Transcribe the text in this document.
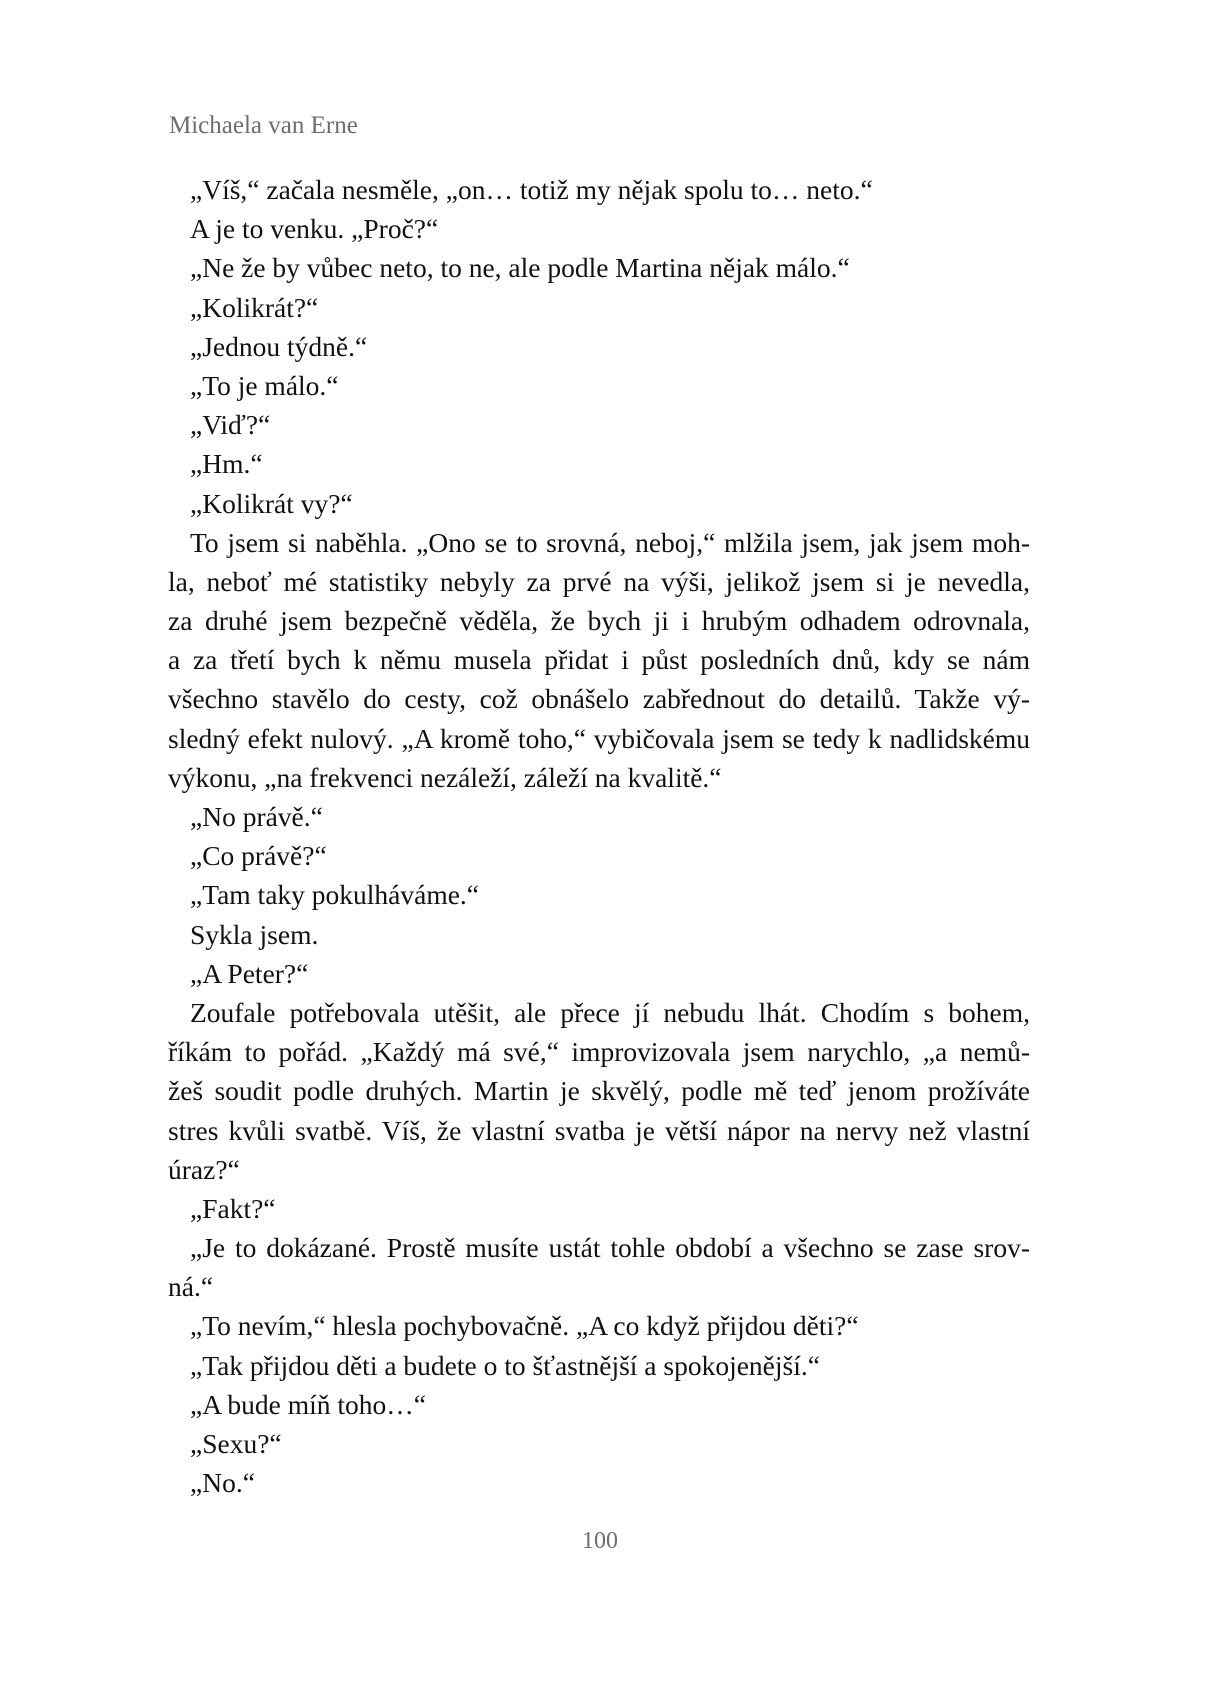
Michaela van Erne
„Víš,“ začala nesměle, „on… totiž my nějak spolu to… neto.“
A je to venku. „Proč?“
„Ne že by vůbec neto, to ne, ale podle Martina nějak málo.“
„Kolikrát?“
„Jednou týdně.“
„To je málo.“
„Viď?“
„Hm.“
„Kolikrát vy?“
To jsem si naběhla. „Ono se to srovná, neboj,“ mlžila jsem, jak jsem moh-
la, neboť mé statistiky nebyly za prvé na výši, jelikož jsem si je nevedla,
za druhé jsem bezpečně věděla, že bych ji i hrubým odhadem odrovnala,
a za třetí bych k němu musela přidat i půst posledních dnů, kdy se nám
všechno stavělo do cesty, což obnášelo zabřednout do detailů. Takže vý-
sledný efekt nulový. „A kromě toho,“ vybičovala jsem se tedy k nadlidskému
výkonu, „na frekvenci nezáleží, záleží na kvalitě.“
„No právě.“
„Co právě?“
„Tam taky pokulháváme.“
Sykla jsem.
„A Peter?“
Zoufale potřebovala utěšit, ale přece jí nebudu lhát. Chodím s bohem,
říkám to pořád. „Každý má své,“ improvizovala jsem narychlo, „a nemů-
žeš soudit podle druhých. Martin je skvělý, podle mě teď jenom prožíváte
stres kvůli svatbě. Víš, že vlastní svatba je větší nápor na nervy než vlastní
úraz?“
„Fakt?“
„Je to dokázané. Prostě musíte ustát tohle období a všechno se zase srov-
ná.“
„To nevím,“ hlesla pochybovačně. „A co když přijdou děti?“
„Tak přijdou děti a budete o to šťastnější a spokojenější.“
„A bude míň toho…“
„Sexu?“
„No.“
100
